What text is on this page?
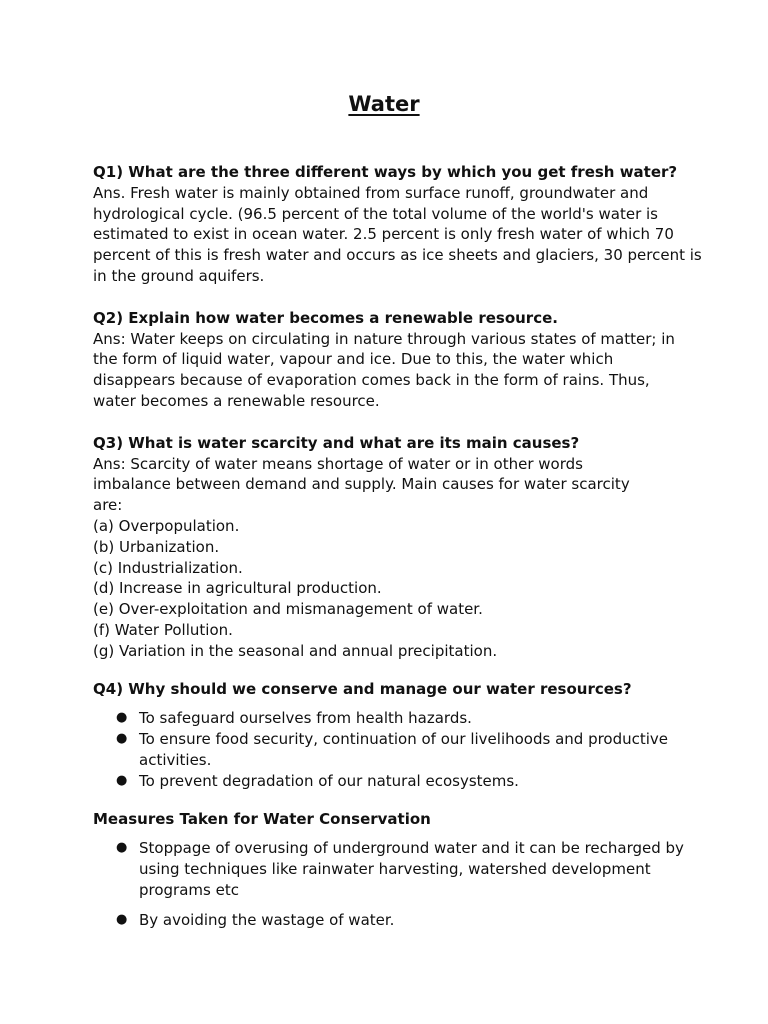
Water

Q1) What are the three different ways by which you get fresh water?

Ans. Fresh water is mainly obtained from surface runoff, groundwater and

hydrological cycle. (96.5 percent of the total volume of the world's water is

estimated to exist in ocean water. 2.5 percent is only fresh water of which 70

percent of this is fresh water and occurs as ice sheets and glaciers, 30 percent is

in the ground aquifers.

Q2) Explain how water becomes a renewable resource.

Ans: Water keeps on circulating in nature through various states of matter; in

the form of liquid water, vapour and ice. Due to this, the water which

disappears because of evaporation comes back in the form of rains. Thus,

water becomes a renewable resource.

Q3) What is water scarcity and what are its main causes?

Ans: Scarcity of water means shortage of water or in other words

imbalance between demand and supply. Main causes for water scarcity

are:

(a) Overpopulation.

(b) Urbanization.

(c) Industrialization.

(d) Increase in agricultural production.

(e) Over-exploitation and mismanagement of water.

(f) Water Pollution.

(g) Variation in the seasonal and annual precipitation.

Q4) Why should we conserve and manage our water resources?

● To safeguard ourselves from health hazards.
● To ensure food security, continuation of our livelihoods and productive
activities.
● To prevent degradation of our natural ecosystems.

Measures Taken for Water Conservation

● Stoppage of overusing of underground water and it can be recharged by
using techniques like rainwater harvesting, watershed development
programs etc
● By avoiding the wastage of water.
